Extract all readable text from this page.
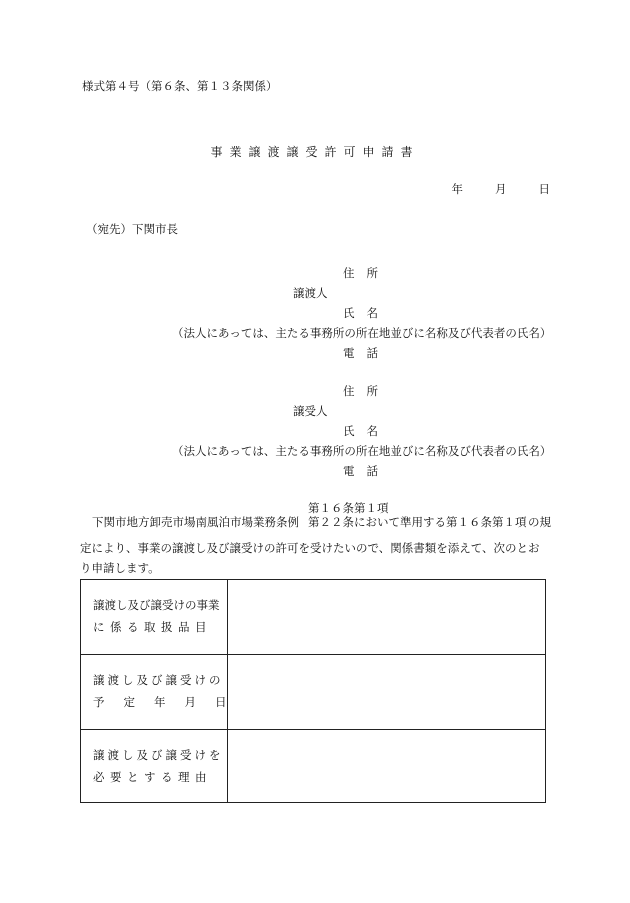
様式第４号（第６条、第１３条関係）
事業譲渡譲受許可申請書
年	月	日
（宛先）下関市長
住所
譲渡人
氏名
（法人にあっては、主たる事務所の所在地並びに名称及び代表者の氏名）
電話
住所
譲受人
氏名
（法人にあっては、主たる事務所の所在地並びに名称及び代表者の氏名）
電話
第１６条第１項
下関市地方卸売市場南風泊市場業務条例 第２２条において準用する第１６条第１項 の規
定により、事業の譲渡し及び譲受けの許可を受けたいので、関係書類を添えて、次のとお
り申請します。
譲渡し及び譲受けの事業
に係る取扱品目
譲渡し及び譲受けの
予定年月日
譲渡し及び譲受けを
必要とする理由
